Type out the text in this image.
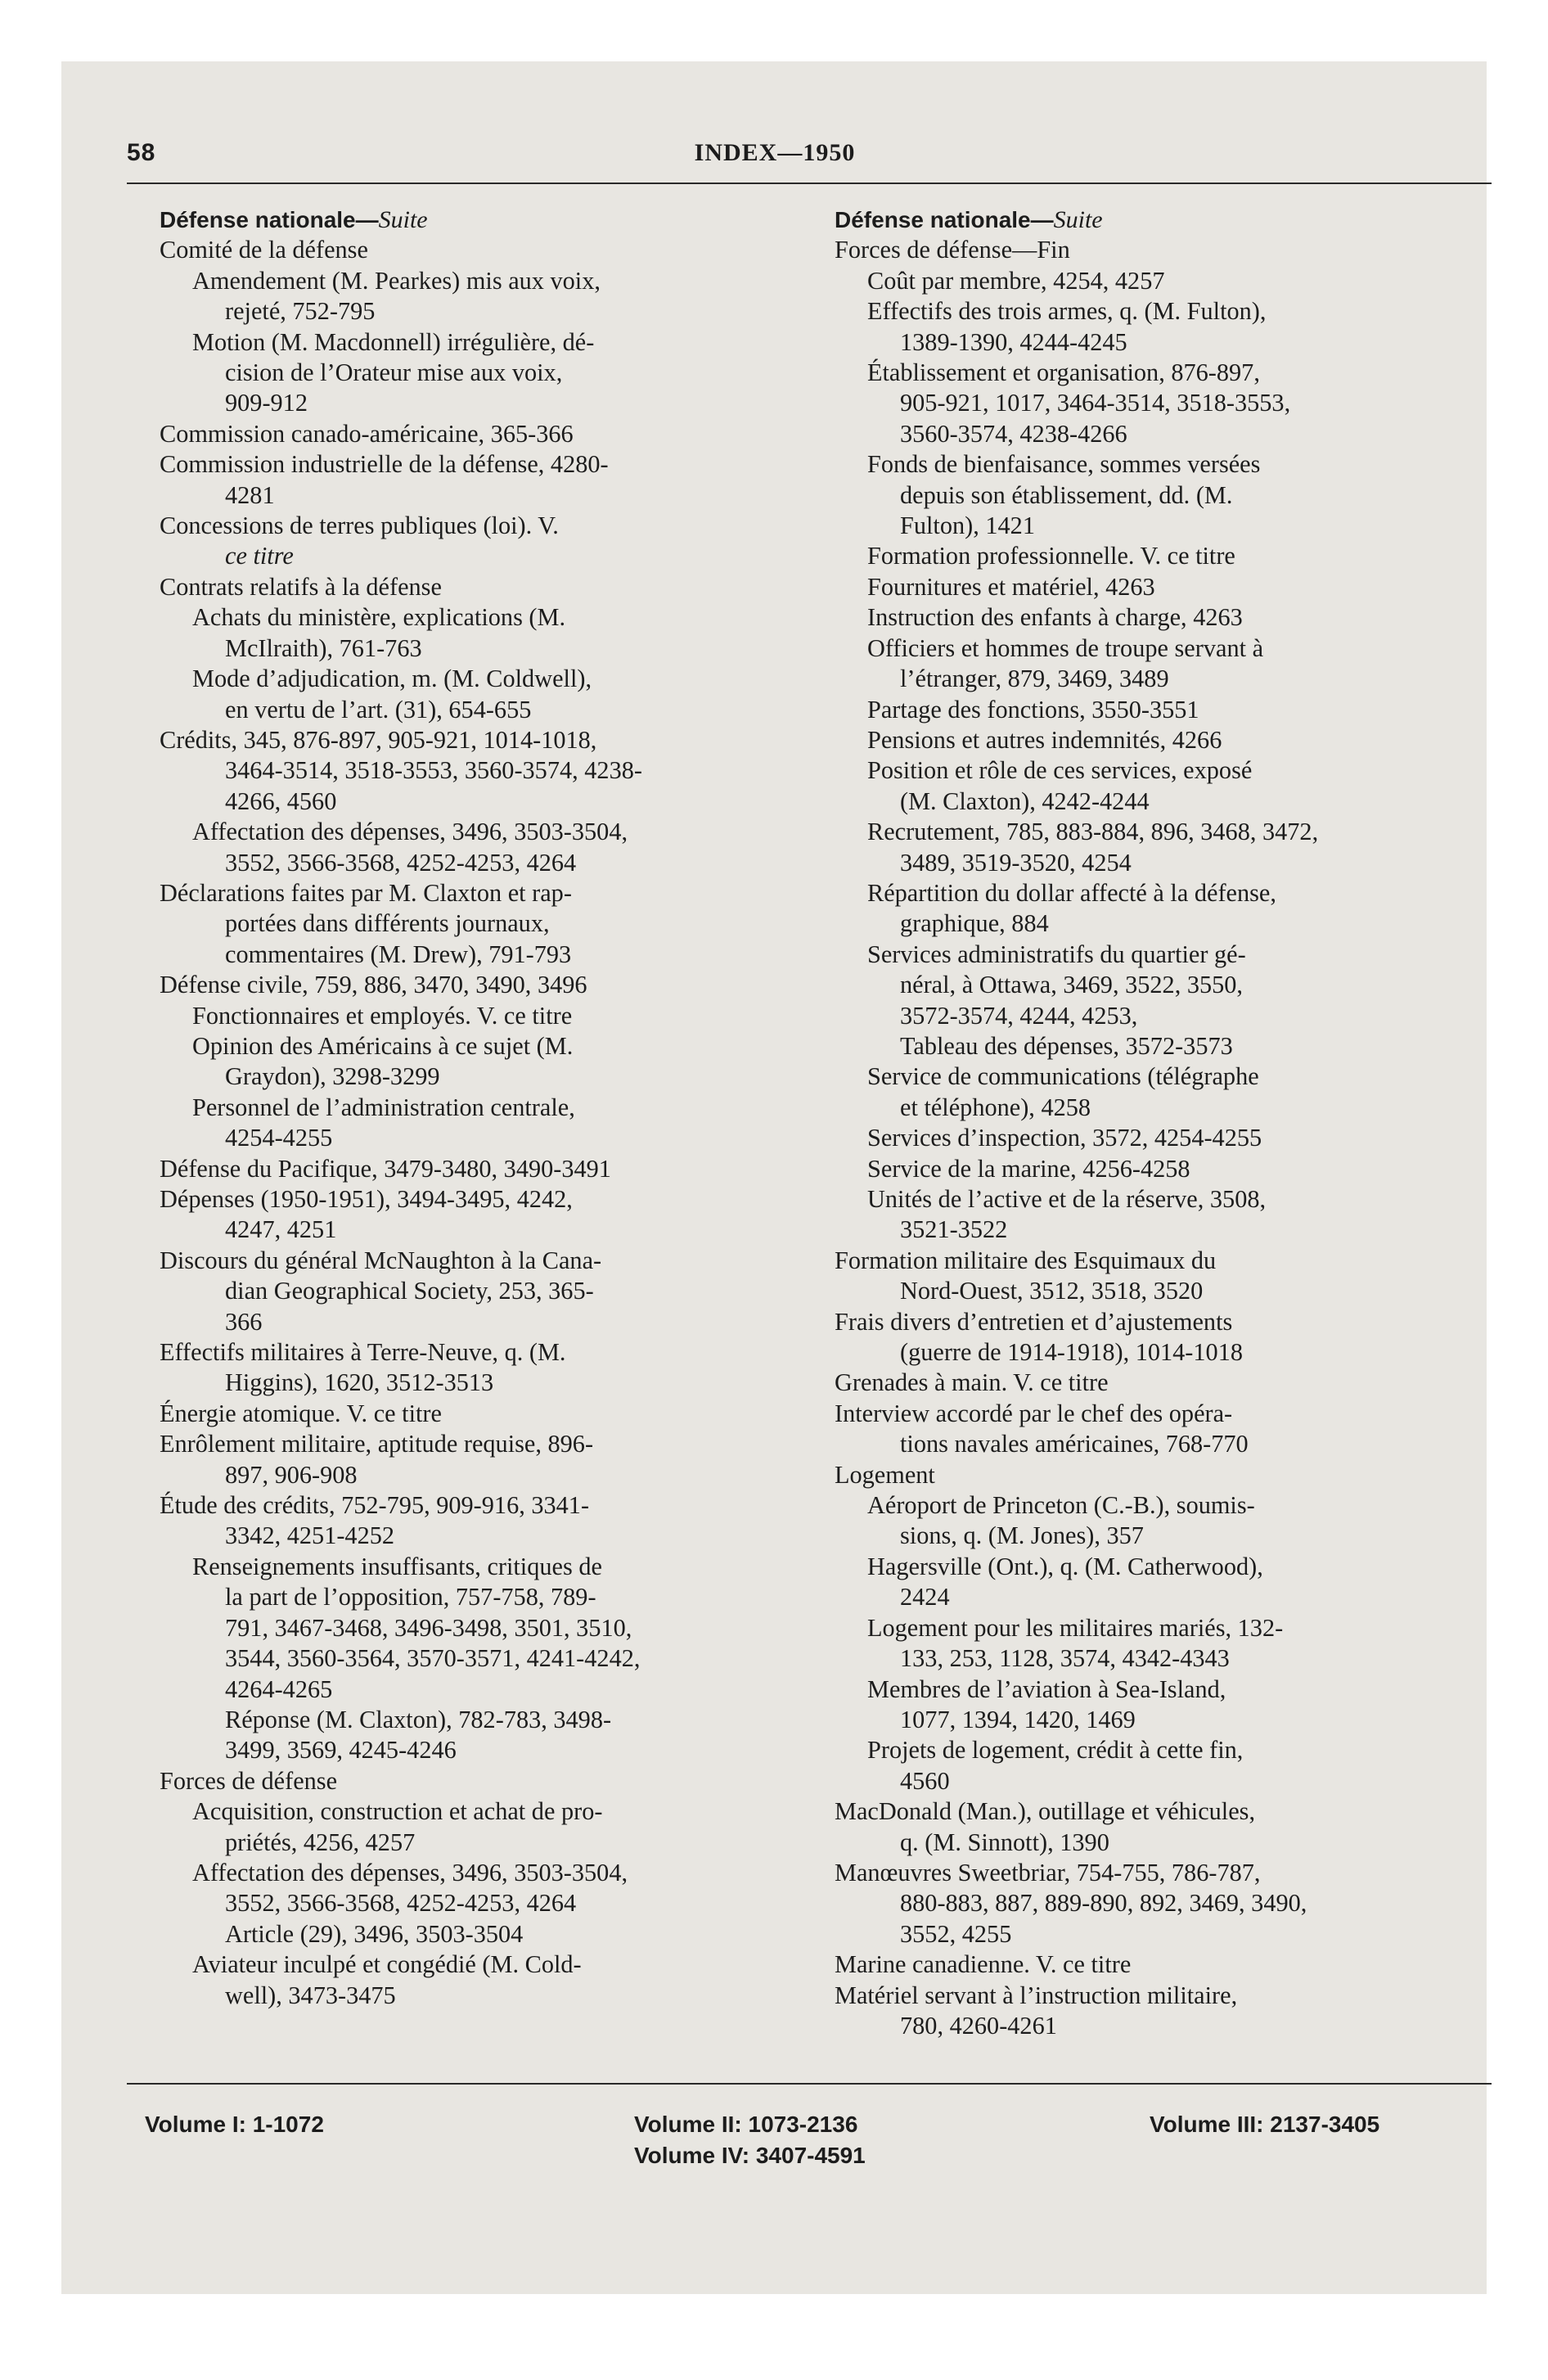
58	INDEX—1950

Défense nationale—Suite

Comité de la défense

Amendement (M. Pearkes) mis aux voix,

rejeté, 752-795

Motion (M. Macdonnell) irrégulière, dé-

cision de l’Orateur mise aux voix,

909-912

Commission canado-américaine, 365-366

Commission industrielle de la défense, 4280-

4281

Concessions de terres publiques (loi). V.

ce titre

Contrats relatifs à la défense

Achats du ministère, explications (M.

McIlraith), 761-763

Mode d’adjudication, m. (M. Coldwell),

en vertu de l’art. (31), 654-655

Crédits, 345, 876-897, 905-921, 1014-1018,

3464-3514, 3518-3553, 3560-3574, 4238-

4266, 4560

Affectation des dépenses, 3496, 3503-3504,

3552, 3566-3568, 4252-4253, 4264

Déclarations faites par M. Claxton et rap-

portées dans différents journaux,

commentaires (M. Drew), 791-793

Défense civile, 759, 886, 3470, 3490, 3496

Fonctionnaires et employés. V. ce titre

Opinion des Américains à ce sujet (M.

Graydon), 3298-3299

Personnel de l’administration centrale,

4254-4255

Défense du Pacifique, 3479-3480, 3490-3491

Dépenses (1950-1951), 3494-3495, 4242,

4247, 4251

Discours du général McNaughton à la Cana-

dian Geographical Society, 253, 365-

366

Effectifs militaires à Terre-Neuve, q. (M.

Higgins), 1620, 3512-3513

Énergie atomique. V. ce titre

Enrôlement militaire, aptitude requise, 896-

897, 906-908

Étude des crédits, 752-795, 909-916, 3341-

3342, 4251-4252

Renseignements insuffisants, critiques de

la part de l’opposition, 757-758, 789-

791, 3467-3468, 3496-3498, 3501, 3510,

3544, 3560-3564, 3570-3571, 4241-4242,

4264-4265

Réponse (M. Claxton), 782-783, 3498-

3499, 3569, 4245-4246

Forces de défense

Acquisition, construction et achat de pro-

priétés, 4256, 4257

Affectation des dépenses, 3496, 3503-3504,

3552, 3566-3568, 4252-4253, 4264

Article (29), 3496, 3503-3504

Aviateur inculpé et congédié (M. Cold-

well), 3473-3475

Défense nationale—Suite

Forces de défense—Fin

Coût par membre, 4254, 4257

Effectifs des trois armes, q. (M. Fulton),

1389-1390, 4244-4245

Établissement et organisation, 876-897,

905-921, 1017, 3464-3514, 3518-3553,

3560-3574, 4238-4266

Fonds de bienfaisance, sommes versées

depuis son établissement, dd. (M.

Fulton), 1421

Formation professionnelle. V. ce titre

Fournitures et matériel, 4263

Instruction des enfants à charge, 4263

Officiers et hommes de troupe servant à

l’étranger, 879, 3469, 3489

Partage des fonctions, 3550-3551

Pensions et autres indemnités, 4266

Position et rôle de ces services, exposé

(M. Claxton), 4242-4244

Recrutement, 785, 883-884, 896, 3468, 3472,

3489, 3519-3520, 4254

Répartition du dollar affecté à la défense,

graphique, 884

Services administratifs du quartier gé-

néral, à Ottawa, 3469, 3522, 3550,

3572-3574, 4244, 4253,

Tableau des dépenses, 3572-3573

Service de communications (télégraphe

et téléphone), 4258

Services d’inspection, 3572, 4254-4255

Service de la marine, 4256-4258

Unités de l’active et de la réserve, 3508,

3521-3522

Formation militaire des Esquimaux du

Nord-Ouest, 3512, 3518, 3520

Frais divers d’entretien et d’ajustements

(guerre de 1914-1918), 1014-1018

Grenades à main. V. ce titre

Interview accordé par le chef des opéra-

tions navales américaines, 768-770

Logement

Aéroport de Princeton (C.-B.), soumis-

sions, q. (M. Jones), 357

Hagersville (Ont.), q. (M. Catherwood),

2424

Logement pour les militaires mariés, 132-

133, 253, 1128, 3574, 4342-4343

Membres de l’aviation à Sea-Island,

1077, 1394, 1420, 1469

Projets de logement, crédit à cette fin,

4560

MacDonald (Man.), outillage et véhicules,

q. (M. Sinnott), 1390

Manœuvres Sweetbriar, 754-755, 786-787,

880-883, 887, 889-890, 892, 3469, 3490,

3552, 4255

Marine canadienne. V. ce titre

Matériel servant à l’instruction militaire,

780, 4260-4261

Volume I: 1-1072	Volume II: 1073-2136
Volume IV: 3407-4591
Volume III: 2137-3405
